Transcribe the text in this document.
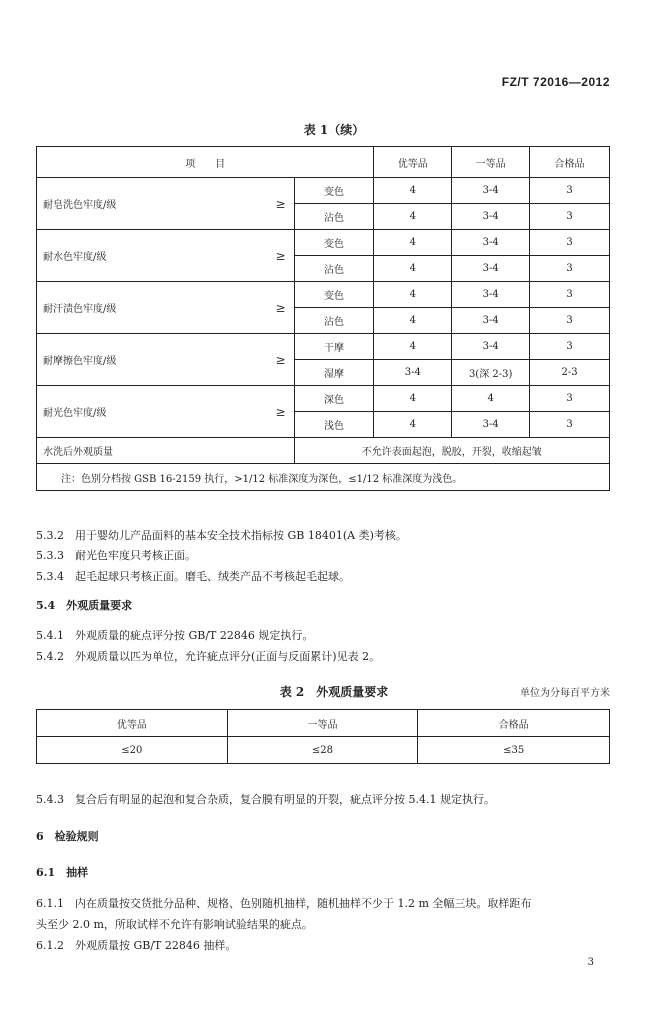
FZ/T 72016—2012
表 1（续）
项　　目			优等品	一等品	合格品
耐皂洗色牢度/级	≥	变色	4	3-4	3
		沾色	4	3-4	3
耐水色牢度/级	≥	变色	4	3-4	3
		沾色	4	3-4	3
耐汗渍色牢度/级	≥	变色	4	3-4	3
		沾色	4	3-4	3
耐摩擦色牢度/级	≥	干摩	4	3-4	3
		湿摩	3-4	3(深 2-3)	2-3
耐光色牢度/级	≥	深色	4	4	3
		浅色	4	3-4	3
水洗后外观质量		不允许表面起泡，脱胶，开裂，收缩起皱			
注：色别分档按 GSB 16-2159 执行，>1/12 标准深度为深色，≤1/12 标准深度为浅色。					
5.3.2　用于婴幼儿产品面料的基本安全技术指标按 GB 18401(A 类)考核。
5.3.3　耐光色牢度只考核正面。
5.3.4　起毛起球只考核正面。磨毛、绒类产品不考核起毛起球。
5.4　外观质量要求
5.4.1　外观质量的疵点评分按 GB/T 22846 规定执行。
5.4.2　外观质量以匹为单位，允许疵点评分(正面与反面累计)见表 2。
表 2　外观质量要求	单位为分每百平方米
优等品	一等品	合格品
≤20	≤28	≤35
5.4.3　复合后有明显的起泡和复合杂质，复合膜有明显的开裂，疵点评分按 5.4.1 规定执行。
6　检验规则
6.1　抽样
6.1.1　内在质量按交货批分品种、规格、色别随机抽样，随机抽样不少于 1.2 m 全幅三块。取样距布
头至少 2.0 m，所取试样不允许有影响试验结果的疵点。
6.1.2　外观质量按 GB/T 22846 抽样。
3
